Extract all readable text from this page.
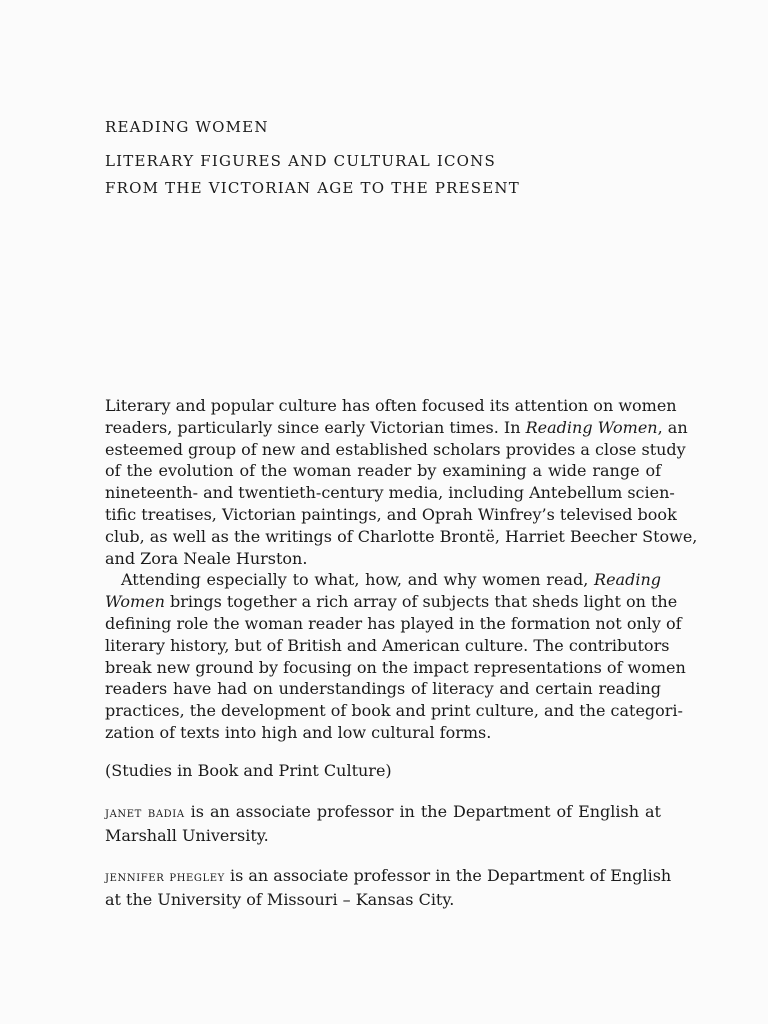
READING WOMEN
LITERARY FIGURES AND CULTURAL ICONS
FROM THE VICTORIAN AGE TO THE PRESENT
Literary and popular culture has often focused its attention on women
readers, particularly since early Victorian times. In Reading Women, an
esteemed group of new and established scholars provides a close study
of the evolution of the woman reader by examining a wide range of
nineteenth- and twentieth-century media, including Antebellum scien-
tific treatises, Victorian paintings, and Oprah Winfrey’s televised book
club, as well as the writings of Charlotte Brontë, Harriet Beecher Stowe,
and Zora Neale Hurston.
Attending especially to what, how, and why women read, Reading
Women brings together a rich array of subjects that sheds light on the
defining role the woman reader has played in the formation not only of
literary history, but of British and American culture. The contributors
break new ground by focusing on the impact representations of women
readers have had on understandings of literacy and certain reading
practices, the development of book and print culture, and the categori-
zation of texts into high and low cultural forms.
(Studies in Book and Print Culture)
janet badia is an associate professor in the Department of English at
Marshall University.
jennifer phegley is an associate professor in the Department of English
at the University of Missouri – Kansas City.
